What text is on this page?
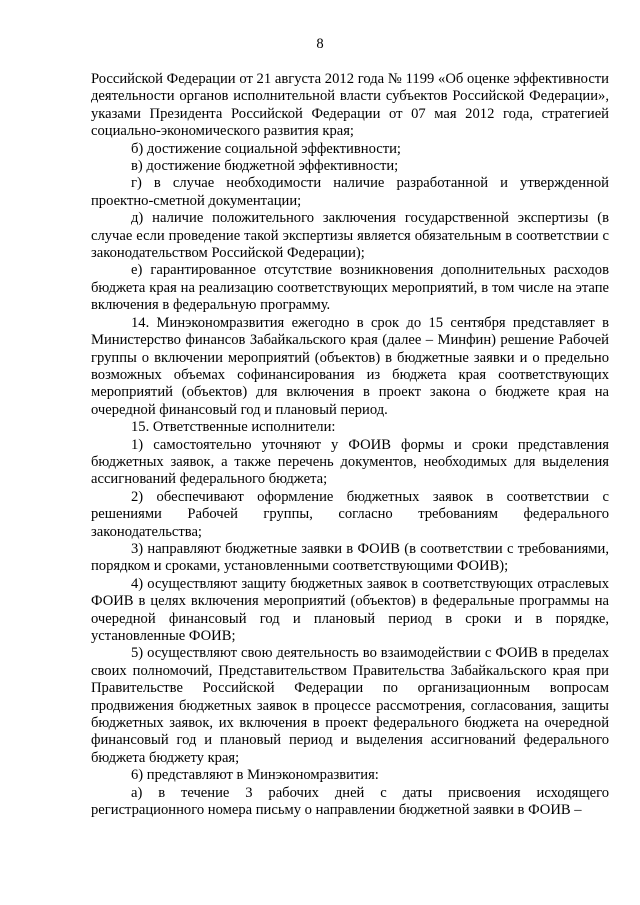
8

Российской Федерации от 21 августа 2012 года № 1199 «Об оценке эффективности деятельности органов исполнительной власти субъектов Российской Федерации», указами Президента Российской Федерации от 07 мая 2012 года, стратегией социально-экономического развития края;

б) достижение социальной эффективности;

в) достижение бюджетной эффективности;

г) в случае необходимости наличие разработанной и утвержденной проектно-сметной документации;

д) наличие положительного заключения государственной экспертизы (в случае если проведение такой экспертизы является обязательным в соответствии с законодательством Российской Федерации);

е) гарантированное отсутствие возникновения дополнительных расходов бюджета края на реализацию соответствующих мероприятий, в том числе на этапе включения в федеральную программу.

14. Минэкономразвития ежегодно в срок до 15 сентября представляет в Министерство финансов Забайкальского края (далее – Минфин) решение Рабочей группы о включении мероприятий (объектов) в бюджетные заявки и о предельно возможных объемах софинансирования из бюджета края соответствующих мероприятий (объектов) для включения в проект закона о бюджете края на очередной финансовый год и плановый период.

15. Ответственные исполнители:

1) самостоятельно уточняют у ФОИВ формы и сроки представления бюджетных заявок, а также перечень документов, необходимых для выделения ассигнований федерального бюджета;

2) обеспечивают оформление бюджетных заявок в соответствии с решениями Рабочей группы, согласно требованиям федерального законодательства;

3) направляют бюджетные заявки в ФОИВ (в соответствии с требованиями, порядком и сроками, установленными соответствующими ФОИВ);

4) осуществляют защиту бюджетных заявок в соответствующих отраслевых ФОИВ в целях включения мероприятий (объектов) в федеральные программы на очередной финансовый год и плановый период в сроки и в порядке, установленные ФОИВ;

5) осуществляют свою деятельность во взаимодействии с ФОИВ в пределах своих полномочий, Представительством Правительства Забайкальского края при Правительстве Российской Федерации по организационным вопросам продвижения бюджетных заявок в процессе рассмотрения, согласования, защиты бюджетных заявок, их включения в проект федерального бюджета на очередной финансовый год и плановый период и выделения ассигнований федерального бюджета бюджету края;

6) представляют в Минэкономразвития:

а) в течение 3 рабочих дней с даты присвоения исходящего регистрационного номера письму о направлении бюджетной заявки в ФОИВ –
